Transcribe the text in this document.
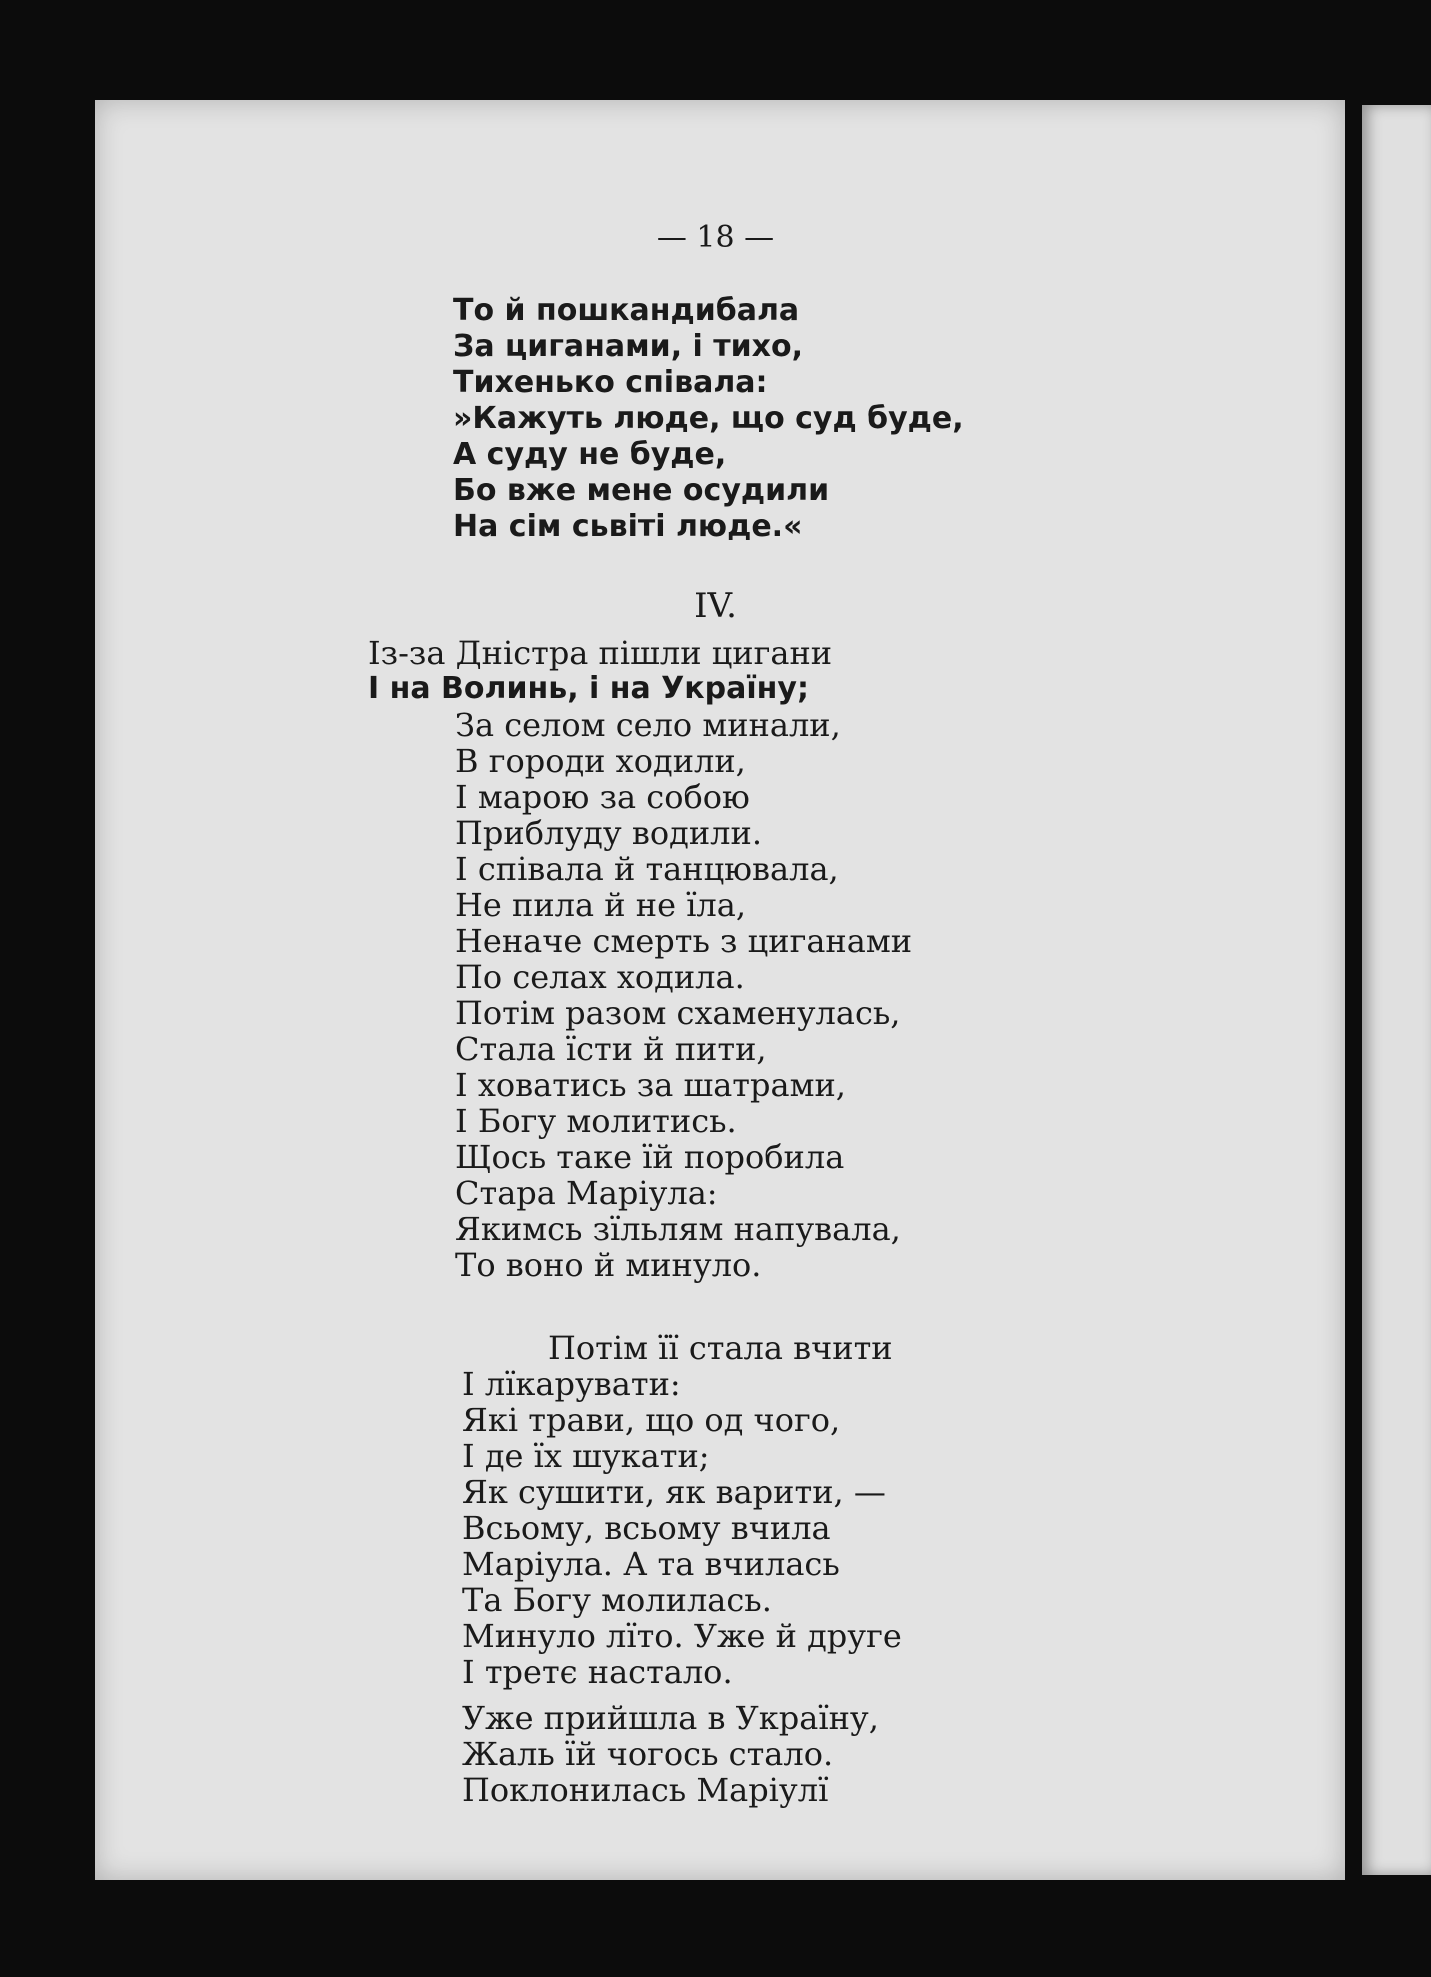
— 18 —
То й пошкандибала
За циганами, і тихо,
Тихенько співала:
»Кажуть люде, що суд буде,
А суду не буде,
Бо вже мене осудили
На сім сьвіті люде.«
IV.
Із-за Дністра пішли цигани
І на Волинь, і на Україну;
За селом село минали,
В городи ходили,
І марою за собою
Приблуду водили.
І співала й танцювала,
Не пила й не їла,
Неначе смерть з циганами
По селах ходила.
Потім разом схаменулась,
Стала їсти й пити,
І ховатись за шатрами,
І Богу молитись.
Щось таке їй поробила
Стара Маріула:
Якимсь зїльлям напувала,
То воно й минуло.
Потім її стала вчити
І лїкарувати:
Які трави, що од чого,
І де їх шукати;
Як сушити, як варити, —
Всьому, всьому вчила
Маріула. А та вчилась
Та Богу молилась.
Минуло лїто. Уже й друге
І третє настало.
Уже прийшла в Україну,
Жаль їй чогось стало.
Поклонилась Маріулї
